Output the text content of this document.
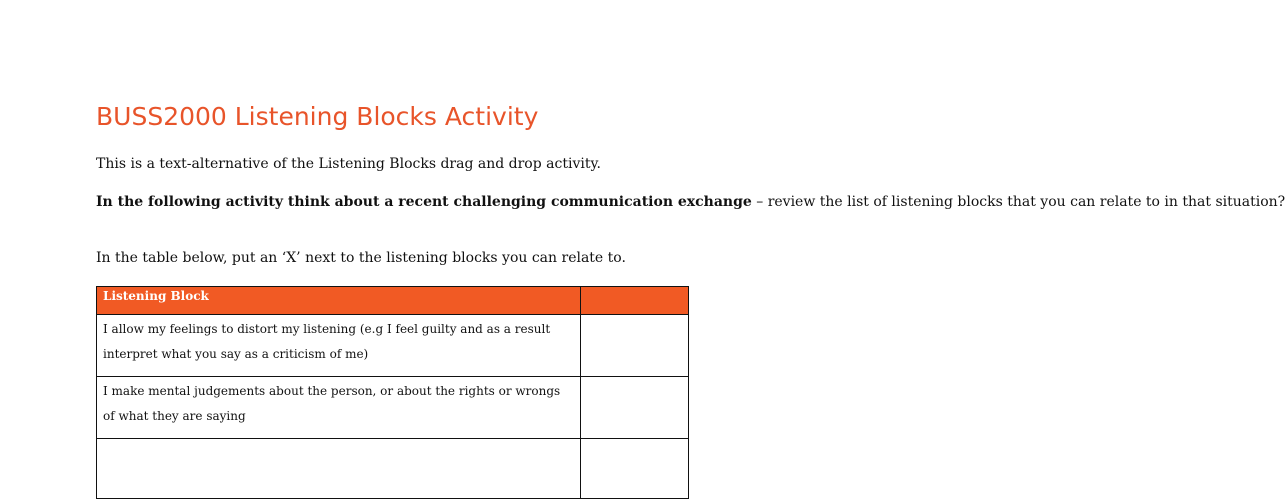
BUSS2000 Listening Blocks Activity

This is a text-alternative of the Listening Blocks drag and drop activity.

In the following activity think about a recent challenging communication exchange – review the list of listening blocks that you can relate to in that situation?

In the table below, put an ‘X’ next to the listening blocks you can relate to.

Listening Block	
I allow my feelings to distort my listening (e.g I feel guilty and as a result
interpret what you say as a criticism of me)	
I make mental judgements about the person, or about the rights or wrongs
of what they are saying	
